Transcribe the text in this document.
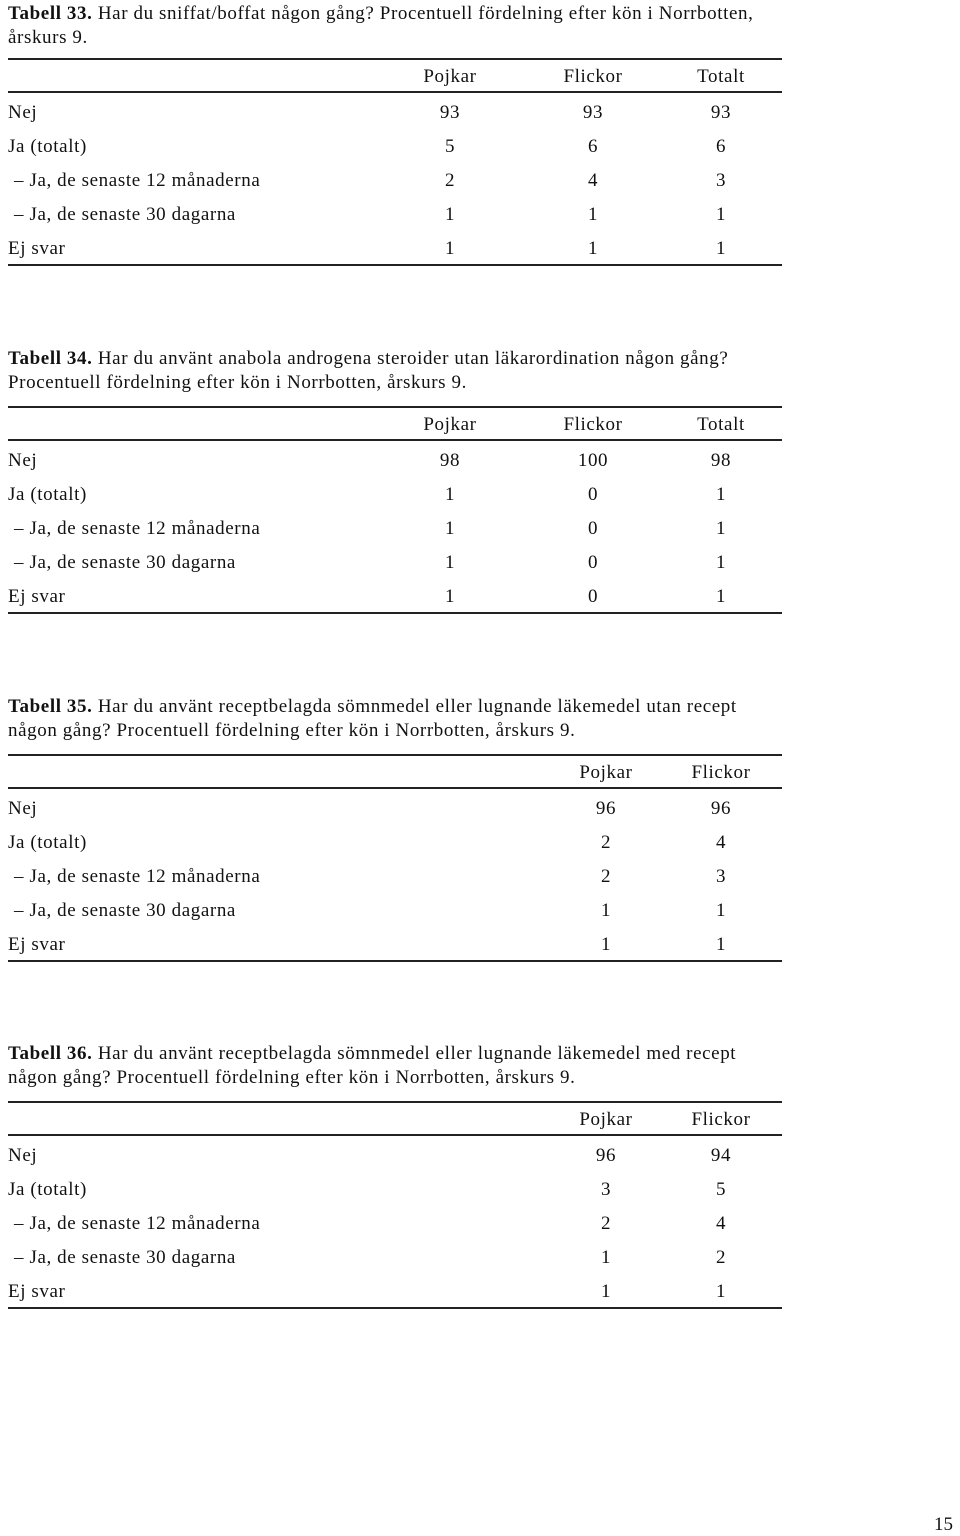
Tabell 33. Har du sniffat/boffat någon gång? Procentuell fördelning efter kön i Norrbotten, årskurs 9.

Pojkar	Flickor	Totalt
Nej	93	93	93
Ja (totalt)	5	6	6
– Ja, de senaste 12 månaderna	2	4	3
– Ja, de senaste 30 dagarna	1	1	1
Ej svar	1	1	1

Tabell 34. Har du använt anabola androgena steroider utan läkarordination någon gång? Procentuell fördelning efter kön i Norrbotten, årskurs 9.

Pojkar	Flickor	Totalt
Nej	98	100	98
Ja (totalt)	1	0	1
– Ja, de senaste 12 månaderna	1	0	1
– Ja, de senaste 30 dagarna	1	0	1
Ej svar	1	0	1

Tabell 35. Har du använt receptbelagda sömnmedel eller lugnande läkemedel utan recept någon gång? Procentuell fördelning efter kön i Norrbotten, årskurs 9.

Pojkar	Flickor
Nej	96	96
Ja (totalt)	2	4
– Ja, de senaste 12 månaderna	2	3
– Ja, de senaste 30 dagarna	1	1
Ej svar	1	1

Tabell 36. Har du använt receptbelagda sömnmedel eller lugnande läkemedel med recept någon gång? Procentuell fördelning efter kön i Norrbotten, årskurs 9.

Pojkar	Flickor
Nej	96	94
Ja (totalt)	3	5
– Ja, de senaste 12 månaderna	2	4
– Ja, de senaste 30 dagarna	1	2
Ej svar	1	1
15
